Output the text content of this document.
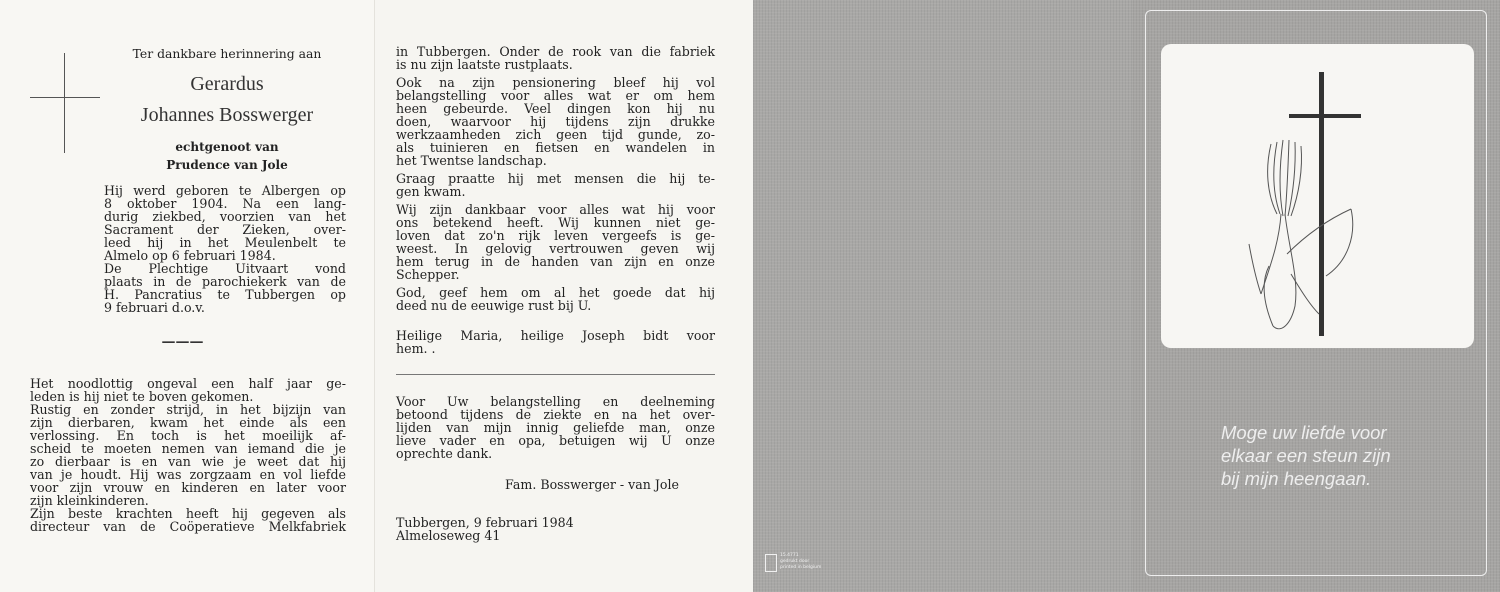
Ter dankbare herinnering aan
Gerardus
Johannes Bosswerger
echtgenoot van
Prudence van Jole
Hij werd geboren te Albergen op
8 oktober 1904. Na een lang-
durig ziekbed, voorzien van het
Sacrament der Zieken, over-
leed hij in het Meulenbelt te
Almelo op 6 februari 1984.
De Plechtige Uitvaart vond
plaats in de parochiekerk van de
H. Pancratius te Tubbergen op
9 februari d.o.v.
———
Het noodlottig ongeval een half jaar ge-
leden is hij niet te boven gekomen.
Rustig en zonder strijd, in het bijzijn van
zijn dierbaren, kwam het einde als een
verlossing. En toch is het moeilijk af-
scheid te moeten nemen van iemand die je
zo dierbaar is en van wie je weet dat hij
van je houdt. Hij was zorgzaam en vol liefde
voor zijn vrouw en kinderen en later voor
zijn kleinkinderen.
Zijn beste krachten heeft hij gegeven als
directeur van de Coöperatieve Melkfabriek
in Tubbergen. Onder de rook van die fabriek
is nu zijn laatste rustplaats.
Ook na zijn pensionering bleef hij vol
belangstelling voor alles wat er om hem
heen gebeurde. Veel dingen kon hij nu
doen, waarvoor hij tijdens zijn drukke
werkzaamheden zich geen tijd gunde, zo-
als tuinieren en fietsen en wandelen in
het Twentse landschap.
Graag praatte hij met mensen die hij te-
gen kwam.
Wij zijn dankbaar voor alles wat hij voor
ons betekend heeft. Wij kunnen niet ge-
loven dat zo'n rijk leven vergeefs is ge-
weest. In gelovig vertrouwen geven wij
hem terug in de handen van zijn en onze
Schepper.
God, geef hem om al het goede dat hij
deed nu de eeuwige rust bij U.
Heilige Maria, heilige Joseph bidt voor
hem. .
Voor Uw belangstelling en deelneming
betoond tijdens de ziekte en na het over-
lijden van mijn innig geliefde man, onze
lieve vader en opa, betuigen wij U onze
oprechte dank.
Fam. Bosswerger - van Jole
Tubbergen, 9 februari 1984
Almeloseweg 41
15.4771
gedrukt door
printed in belgium
Moge uw liefde voor
elkaar een steun zijn
bij mijn heengaan.
